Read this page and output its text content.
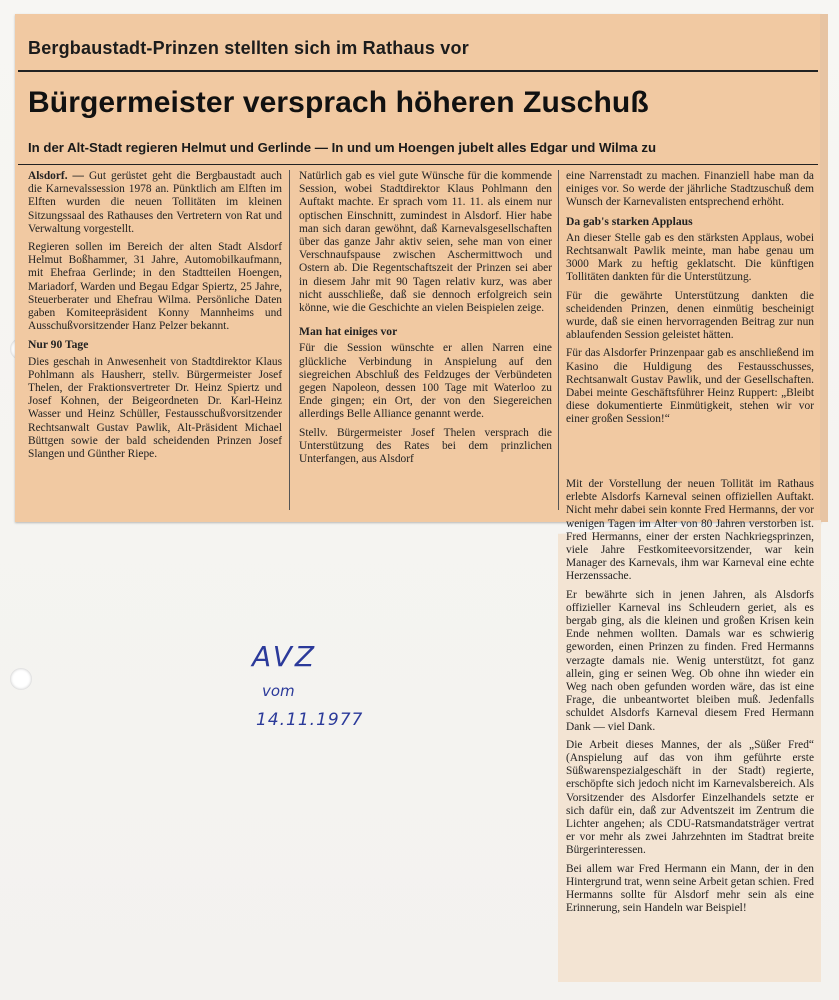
Bergbaustadt-Prinzen stellten sich im Rathaus vor
Bürgermeister versprach höheren Zuschuß
In der Alt-Stadt regieren Helmut und Gerlinde — In und um Hoengen jubelt alles Edgar und Wilma zu

Alsdorf. — Gut gerüstet geht die Bergbaustadt auch die Karnevalssession 1978 an. Pünktlich am Elften im Elften wurden die neuen Tollitäten im kleinen Sitzungssaal des Rathauses den Vertretern von Rat und Verwaltung vorgestellt.

Regieren sollen im Bereich der alten Stadt Alsdorf Helmut Boßhammer, 31 Jahre, Automobilkaufmann, mit Ehefraa Gerlinde; in den Stadtteilen Hoengen, Mariadorf, Warden und Begau Edgar Spiertz, 25 Jahre, Steuerberater und Ehefrau Wilma. Persönliche Daten gaben Komiteepräsident Konny Mannheims und Ausschußvorsitzender Hanz Pelzer bekannt.

Nur 90 Tage

Dies geschah in Anwesenheit von Stadtdirektor Klaus Pohlmann als Hausherr, stellv. Bürgermeister Josef Thelen, der Fraktionsvertreter Dr. Heinz Spiertz und Josef Kohnen, der Beigeordneten Dr. Karl-Heinz Wasser und Heinz Schüller, Festausschußvorsitzender Rechtsanwalt Gustav Pawlik, Alt-Präsident Michael Büttgen sowie der bald scheidenden Prinzen Josef Slangen und Günther Riepe.

Natürlich gab es viel gute Wünsche für die kommende Session, wobei Stadtdirektor Klaus Pohlmann den Auftakt machte. Er sprach vom 11. 11. als einem nur optischen Einschnitt, zumindest in Alsdorf. Hier habe man sich daran gewöhnt, daß Karnevalsgesellschaften über das ganze Jahr aktiv seien, sehe man von einer Verschnaufspause zwischen Aschermittwoch und Ostern ab. Die Regentschaftszeit der Prinzen sei aber in diesem Jahr mit 90 Tagen relativ kurz, was aber nicht ausschließe, daß sie dennoch erfolgreich sein könne, wie die Geschichte an vielen Beispielen zeige.

Man hat einiges vor

Für die Session wünschte er allen Narren eine glückliche Verbindung in Anspielung auf den siegreichen Abschluß des Feldzuges der Verbündeten gegen Napoleon, dessen 100 Tage mit Waterloo zu Ende gingen; ein Ort, der von den Siegereichen allerdings Belle Alliance genannt werde.

Stellv. Bürgermeister Josef Thelen versprach die Unterstützung des Rates bei dem prinzlichen Unterfangen, aus Alsdorf

eine Narrenstadt zu machen. Finanziell habe man da einiges vor. So werde der jährliche Stadtzuschuß dem Wunsch der Karnevalisten entsprechend erhöht.

Da gab's starken Applaus

An dieser Stelle gab es den stärksten Applaus, wobei Rechtsanwalt Pawlik meinte, man habe genau um 3000 Mark zu heftig geklatscht. Die künftigen Tollitäten dankten für die Unterstützung.

Für die gewährte Unterstützung dankten die scheidenden Prinzen, denen einmütig bescheinigt wurde, daß sie einen hervorragenden Beitrag zur nun ablaufenden Session geleistet hätten.

Für das Alsdorfer Prinzenpaar gab es anschließend im Kasino die Huldigung des Festausschusses, Rechtsanwalt Gustav Pawlik, und der Gesellschaften. Dabei meinte Geschäftsführer Heinz Ruppert: „Bleibt diese dokumentierte Einmütigkeit, stehen wir vor einer großen Session!“

Mit der Vorstellung der neuen Tollität im Rathaus erlebte Alsdorfs Karneval seinen offiziellen Auftakt. Nicht mehr dabei sein konnte Fred Hermanns, der vor wenigen Tagen im Alter von 80 Jahren verstorben ist. Fred Hermanns, einer der ersten Nachkriegsprinzen, viele Jahre Festkomiteevorsitzender, war kein Manager des Karnevals, ihm war Karneval eine echte Herzenssache.

Er bewährte sich in jenen Jahren, als Alsdorfs offizieller Karneval ins Schleudern geriet, als es bergab ging, als die kleinen und großen Krisen kein Ende nehmen wollten. Damals war es schwierig geworden, einen Prinzen zu finden. Fred Hermanns verzagte damals nie. Wenig unterstützt, fot ganz allein, ging er seinen Weg. Ob ohne ihn wieder ein Weg nach oben gefunden worden wäre, das ist eine Frage, die unbeantwortet bleiben muß. Jedenfalls schuldet Alsdorfs Karneval diesem Fred Hermann Dank — viel Dank.

Die Arbeit dieses Mannes, der als „Süßer Fred“ (Anspielung auf das von ihm geführte erste Süßwarenspezialgeschäft in der Stadt) regierte, erschöpfte sich jedoch nicht im Karnevalsbereich. Als Vorsitzender des Alsdorfer Einzelhandels setzte er sich dafür ein, daß zur Adventszeit im Zentrum die Lichter angehen; als CDU-Ratsmandatsträger vertrat er vor mehr als zwei Jahrzehnten im Stadtrat breite Bürgerinteressen.

Bei allem war Fred Hermann ein Mann, der in den Hintergrund trat, wenn seine Arbeit getan schien. Fred Hermanns sollte für Alsdorf mehr sein als eine Erinnerung, sein Handeln war Beispiel!

AVZ
vom
14.11.1977
